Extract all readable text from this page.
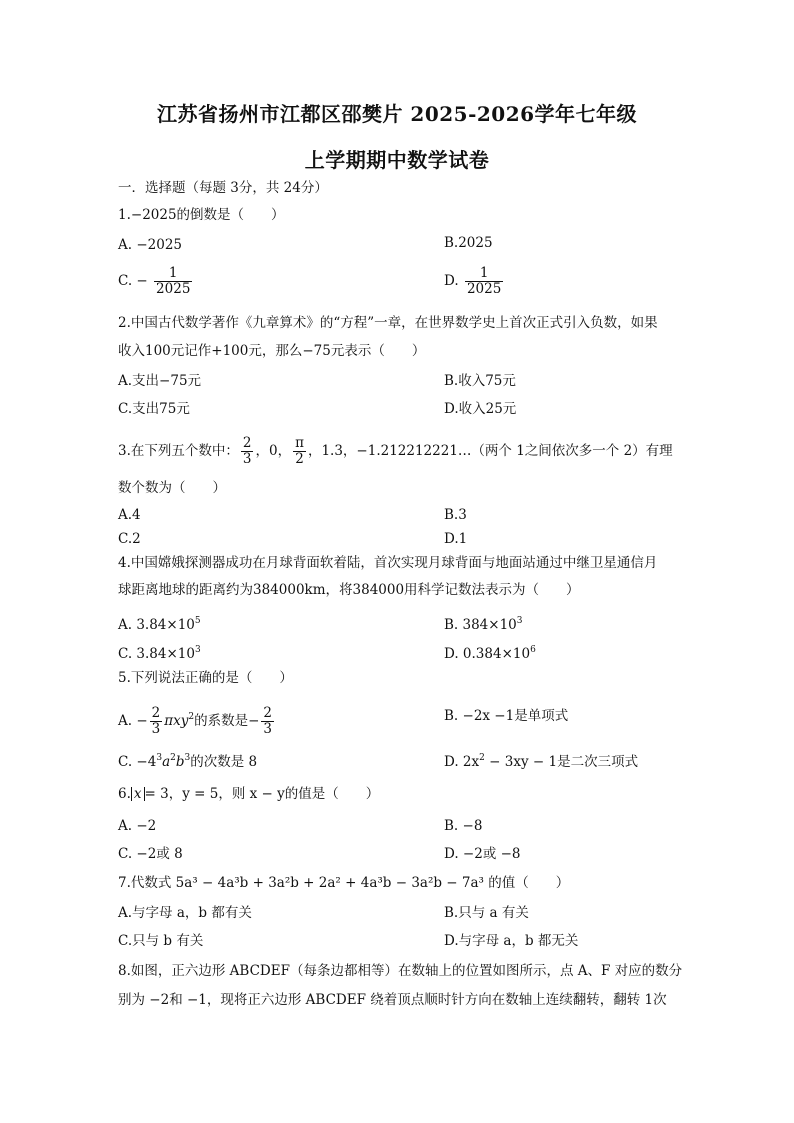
江苏省扬州市江都区邵樊片 2025-2026学年七年级
上学期期中数学试卷
一．选择题（每题 3分，共 24分）
1.−2025的倒数是（　　）
A. −2025	B.2025
C. − $\frac{1}{2025}$	D. $\frac{1}{2025}$
2.中国古代数学著作《九章算术》的“方程”一章，在世界数学史上首次正式引入负数，如果
收入100元记作+100元，那么−75元表示（　　）
A.支出−75元	B.收入75元
C.支出75元	D.收入25元
3.在下列五个数中： $\frac{2}{3}$ ，0， $\frac{\pi}{2}$ ，1.3，−1.212212221…（两个 1之间依次多一个 2）有理
数个数为（　　）
A.4	B.3
C.2	D.1
4.中国嫦娥探测器成功在月球背面软着陆，首次实现月球背面与地面站通过中继卫星通信月
球距离地球的距离约为384000km，将384000用科学记数法表示为（　　）
A. $3.84\times 10^5$	B. $384\times 10^3$
C. $3.84\times 10^3$	D. $0.384\times 10^6$
5.下列说法正确的是（　　）
A. − $\frac{2}{3} \pi xy^2$的系数是− $\frac{2}{3}$	B. −2x −1是单项式
C. $-4^3a^2b^3$的次数是 8	D. $2x^2 - 3xy - 1$是二次三项式
6. x = 3，y = 5，则 x − y的值是（　　）
A. −2	B. −8
C. −2或 8	D. −2或 −8
7.代数式 5a³ − 4a³b + 3a²b + 2a² + 4a³b − 3a²b − 7a³ 的值（　　）
A.与字母 a，b 都有关	B.只与 a 有关
C.只与 b 有关	D.与字母 a，b 都无关
8.如图，正六边形 ABCDEF（每条边都相等）在数轴上的位置如图所示，点 A、F 对应的数分
别为 −2和 −1，现将正六边形 ABCDEF 绕着顶点顺时针方向在数轴上连续翻转，翻转 1次
